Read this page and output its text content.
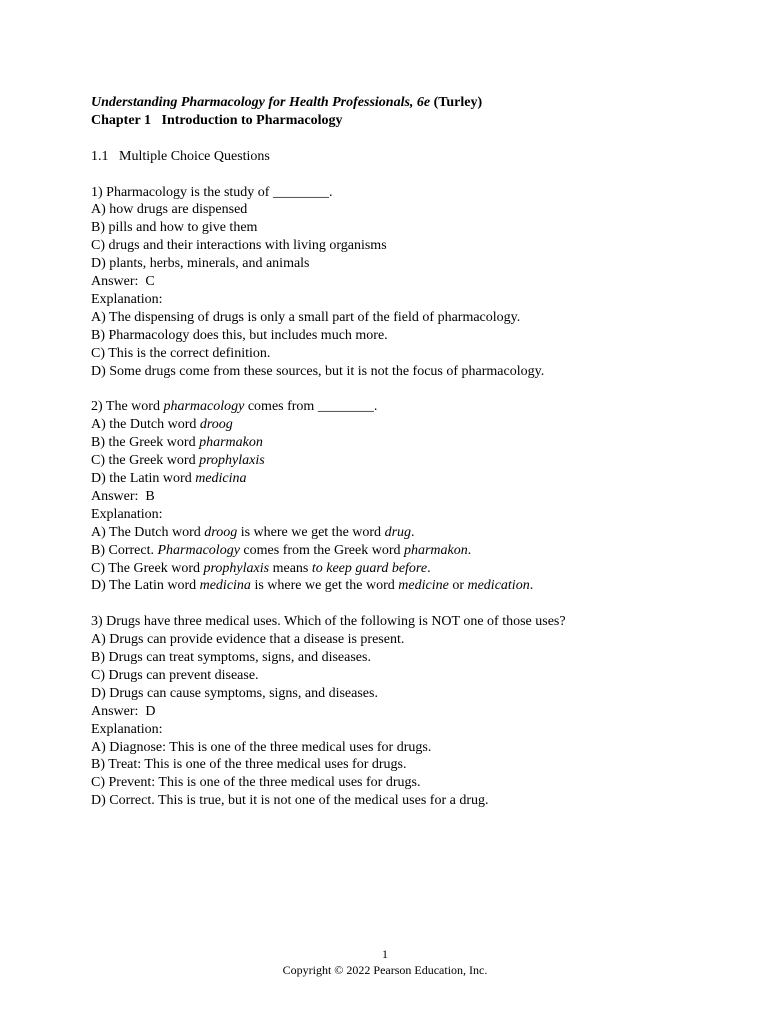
Understanding Pharmacology for Health Professionals, 6e (Turley)
Chapter 1   Introduction to Pharmacology
1.1   Multiple Choice Questions
1) Pharmacology is the study of ________.
A) how drugs are dispensed
B) pills and how to give them
C) drugs and their interactions with living organisms
D) plants, herbs, minerals, and animals
Answer:  C
Explanation:
A) The dispensing of drugs is only a small part of the field of pharmacology.
B) Pharmacology does this, but includes much more.
C) This is the correct definition.
D) Some drugs come from these sources, but it is not the focus of pharmacology.
2) The word pharmacology comes from ________.
A) the Dutch word droog
B) the Greek word pharmakon
C) the Greek word prophylaxis
D) the Latin word medicina
Answer:  B
Explanation:
A) The Dutch word droog is where we get the word drug.
B) Correct. Pharmacology comes from the Greek word pharmakon.
C) The Greek word prophylaxis means to keep guard before.
D) The Latin word medicina is where we get the word medicine or medication.
3) Drugs have three medical uses. Which of the following is NOT one of those uses?
A) Drugs can provide evidence that a disease is present.
B) Drugs can treat symptoms, signs, and diseases.
C) Drugs can prevent disease.
D) Drugs can cause symptoms, signs, and diseases.
Answer:  D
Explanation:
A) Diagnose: This is one of the three medical uses for drugs.
B) Treat: This is one of the three medical uses for drugs.
C) Prevent: This is one of the three medical uses for drugs.
D) Correct. This is true, but it is not one of the medical uses for a drug.
1
Copyright © 2022 Pearson Education, Inc.
